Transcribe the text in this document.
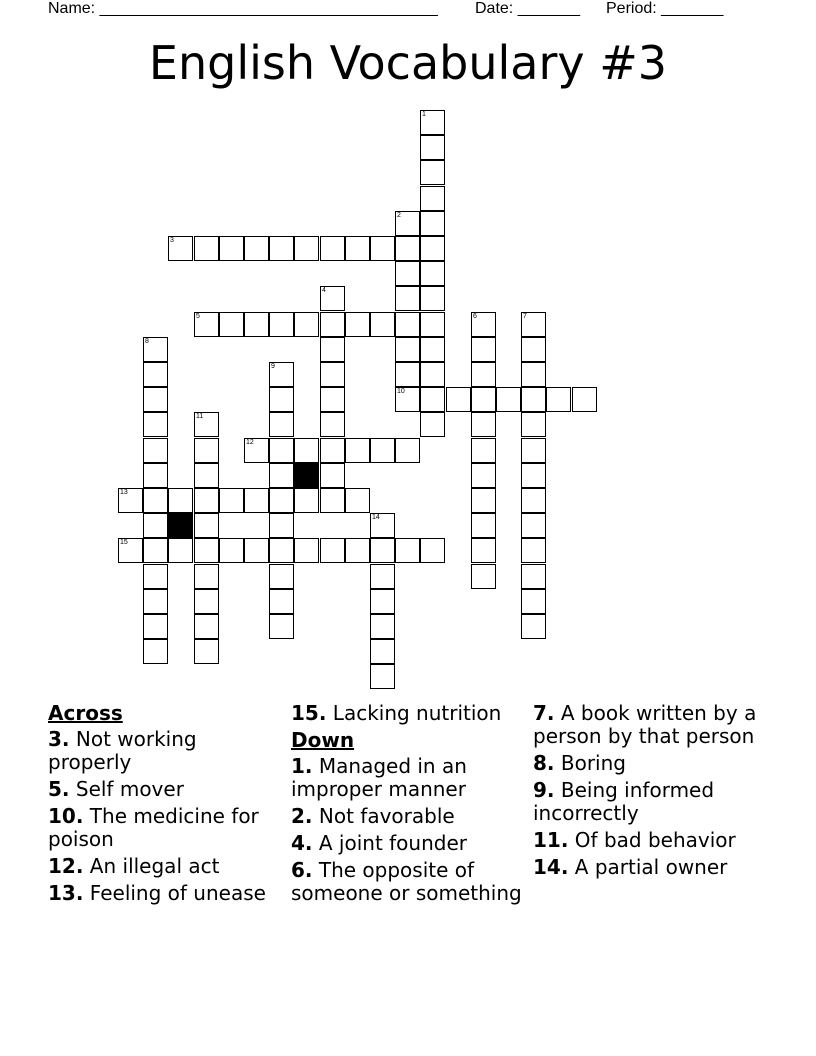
Name: ______________________________________ Date: _______ Period: _______
English Vocabulary #3
1
2
3
4
5	6	7
8
9
10
11
12
13
14
15
Across
3. Not working properly
5. Self mover
10. The medicine for poison
12. An illegal act
13. Feeling of unease
15. Lacking nutrition
Down
1. Managed in an improper manner
2. Not favorable
4. A joint founder
6. The opposite of someone or something
7. A book written by a person by that person
8. Boring
9. Being informed incorrectly
11. Of bad behavior
14. A partial owner
